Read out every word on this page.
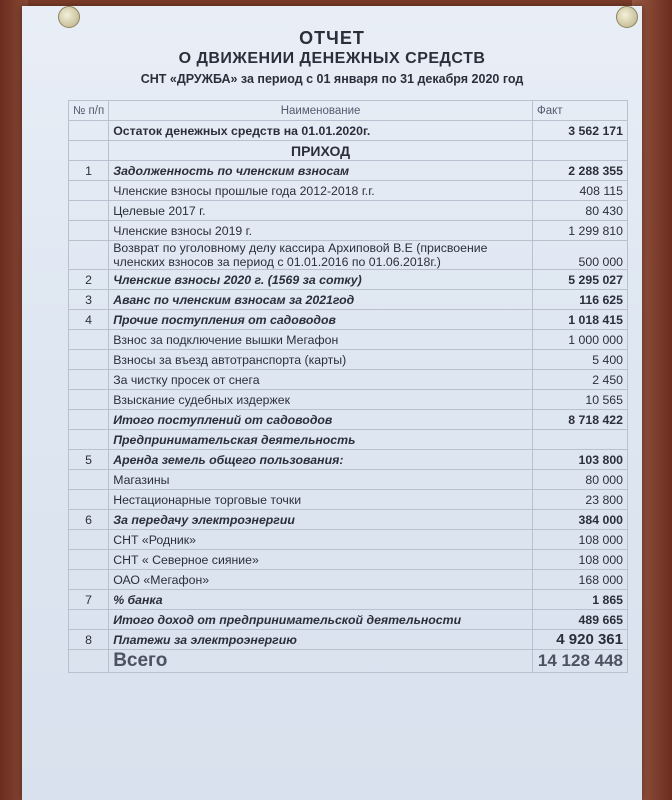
ОТЧЕТ
О ДВИЖЕНИИ ДЕНЕЖНЫХ СРЕДСТВ
СНТ «ДРУЖБА» за период с 01 января по 31 декабря 2020 год
№ п/п	Наименование	Факт
	Остаток денежных средств на 01.01.2020г.	3 562 171
	ПРИХОД	
1	Задолженность по членским взносам	2 288 355
	Членские взносы прошлые года 2012-2018 г.г.	408 115
	Целевые 2017 г.	80 430
	Членские взносы 2019 г.	1 299 810
	Возврат по уголовному делу кассира Архиповой В.Е (присвоение членских взносов за период с 01.01.2016 по 01.06.2018г.)	500 000
2	Членские взносы 2020 г. (1569 за сотку)	5 295 027
3	Аванс по членским взносам за 2021год	116 625
4	Прочие поступления от садоводов	1 018 415
	Взнос за подключение вышки Мегафон	1 000 000
	Взносы за въезд автотранспорта (карты)	5 400
	За чистку просек от снега	2 450
	Взыскание судебных издержек	10 565
	Итого поступлений от садоводов	8 718 422
	Предпринимательская деятельность	
5	Аренда земель общего пользования:	103 800
	Магазины	80 000
	Нестационарные торговые точки	23 800
6	За передачу электроэнергии	384 000
	СНТ «Родник»	108 000
	СНТ « Северное сияние»	108 000
	ОАО «Мегафон»	168 000
7	% банка	1 865
	Итого доход от предпринимательской деятельности	489 665
8	Платежи за электроэнергию	4 920 361
	Всего	14 128 448
